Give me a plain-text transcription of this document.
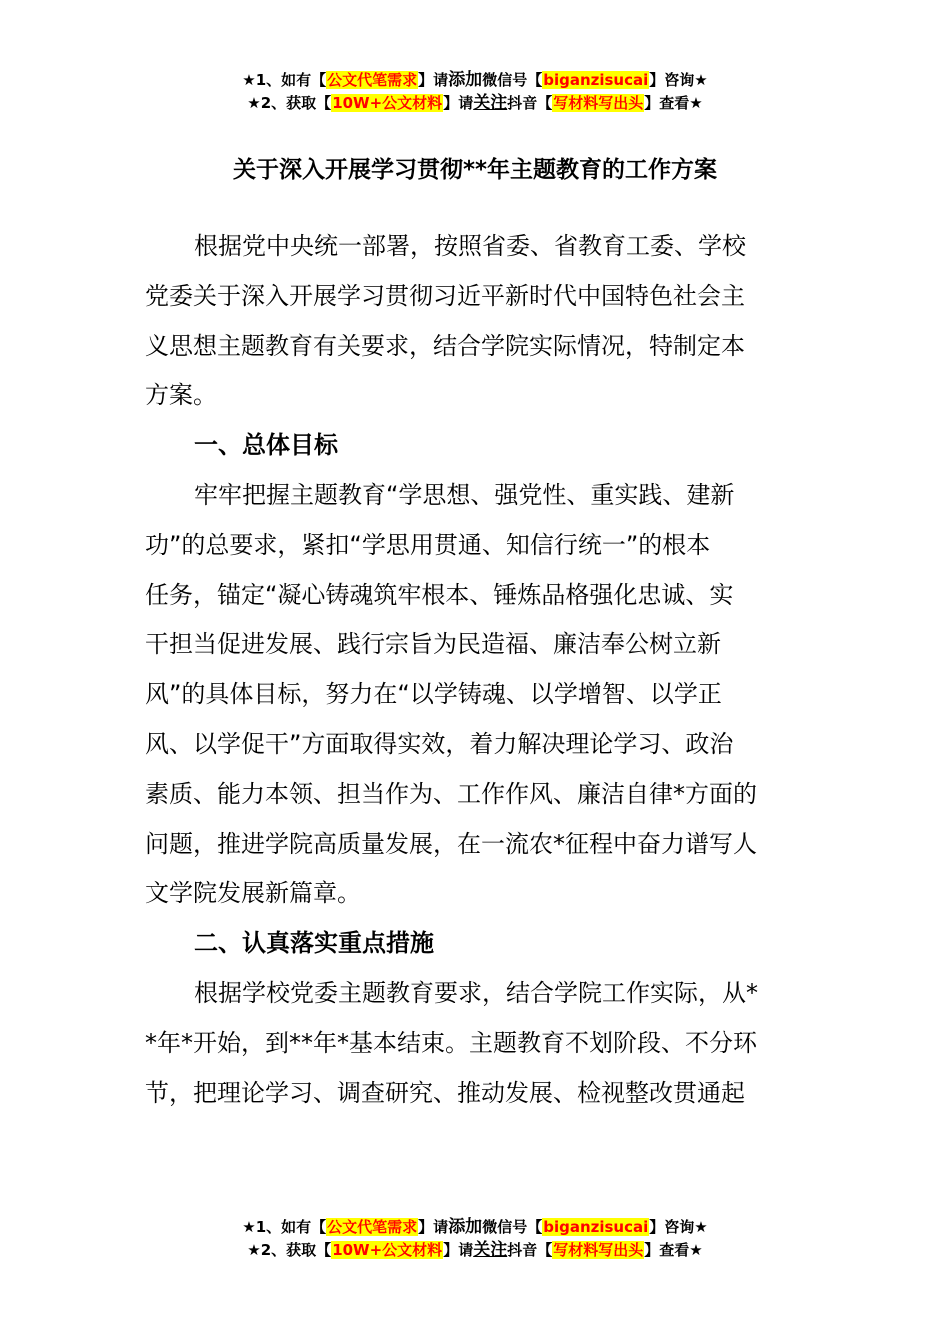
★1、如有【公文代笔需求】请添加微信号【biganzisucai】咨询★
★2、获取【10W+公文材料】请关注抖音【写材料写出头】查看★
关于深入开展学习贯彻**年主题教育的工作方案
根据党中央统一部署，按照省委、省教育工委、学校
党委关于深入开展学习贯彻习近平新时代中国特色社会主
义思想主题教育有关要求，结合学院实际情况，特制定本
方案。
一、总体目标
牢牢把握主题教育“学思想、强党性、重实践、建新
功”的总要求，紧扣“学思用贯通、知信行统一”的根本
任务，锚定“凝心铸魂筑牢根本、锤炼品格强化忠诚、实
干担当促进发展、践行宗旨为民造福、廉洁奉公树立新
风”的具体目标，努力在“以学铸魂、以学增智、以学正
风、以学促干”方面取得实效，着力解决理论学习、政治
素质、能力本领、担当作为、工作作风、廉洁自律*方面的
问题，推进学院高质量发展，在一流农*征程中奋力谱写人
文学院发展新篇章。
二、认真落实重点措施
根据学校党委主题教育要求，结合学院工作实际，从*
*年*开始，到**年*基本结束。主题教育不划阶段、不分环
节，把理论学习、调查研究、推动发展、检视整改贯通起
★1、如有【公文代笔需求】请添加微信号【biganzisucai】咨询★
★2、获取【10W+公文材料】请关注抖音【写材料写出头】查看★
